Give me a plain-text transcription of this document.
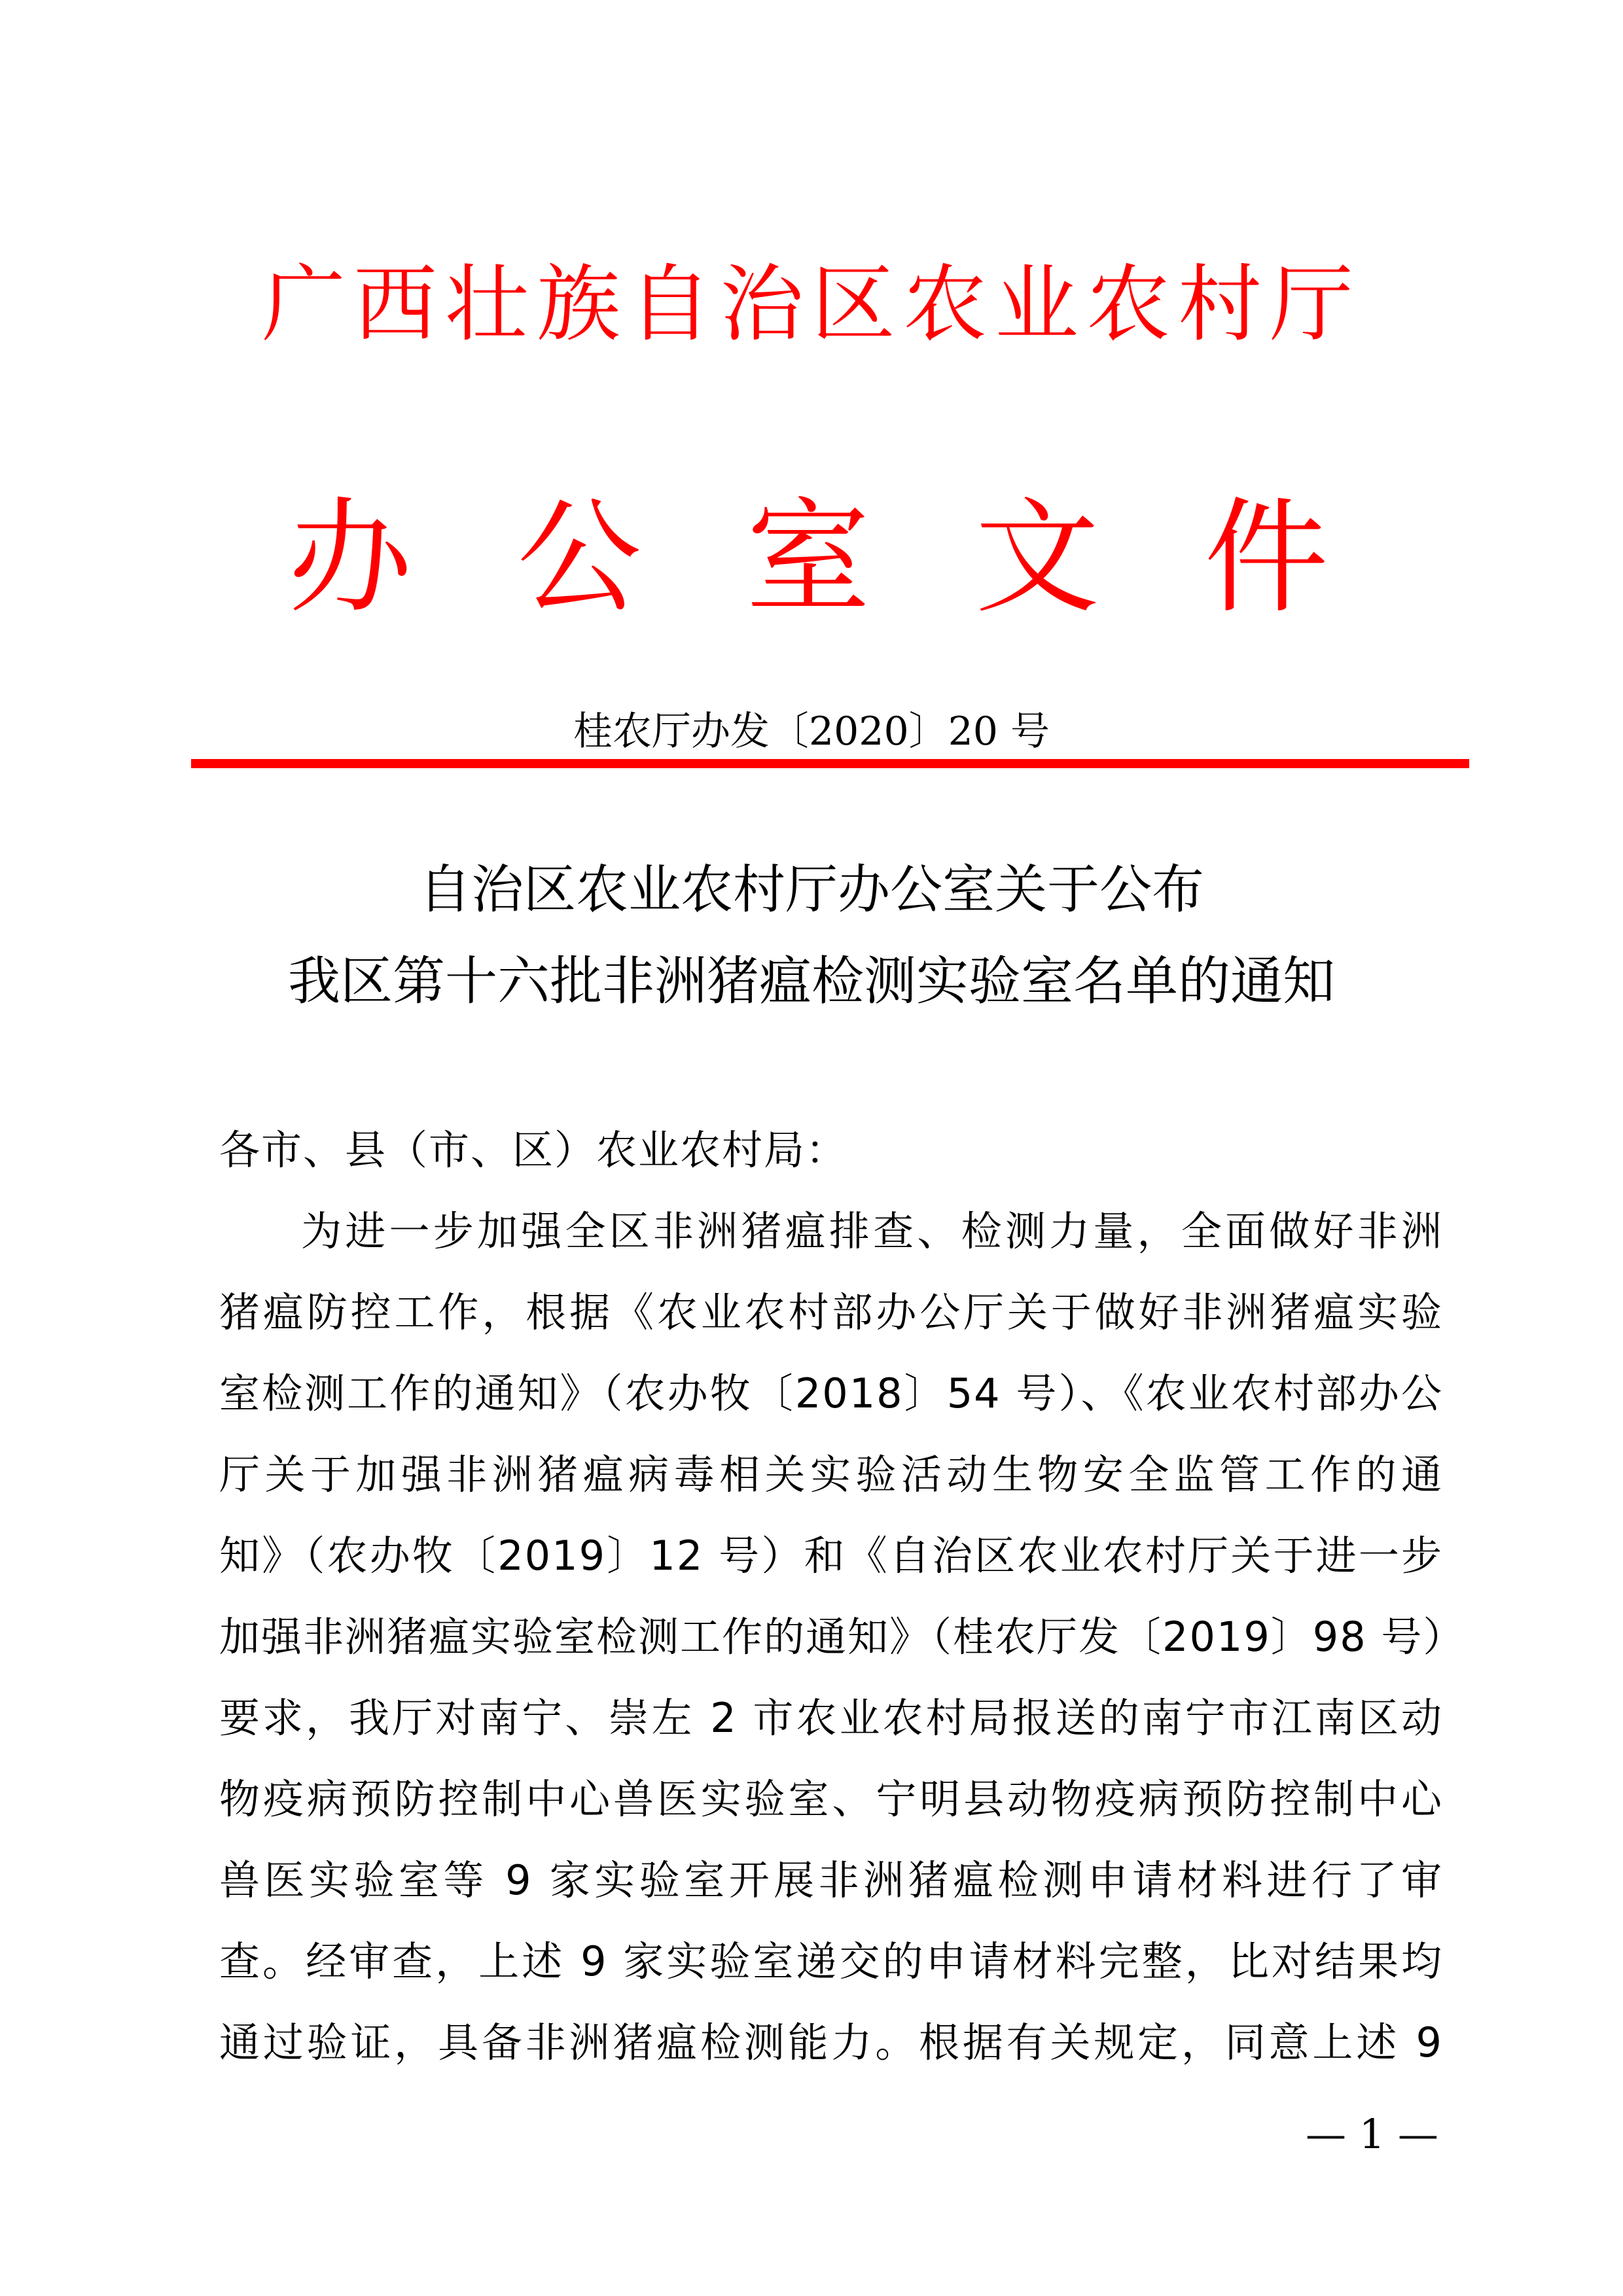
广西壮族自治区农业农村厅
办公室文件
桂农厅办发〔2020〕20 号
自治区农业农村厅办公室关于公布
我区第十六批非洲猪瘟检测实验室名单的通知
各市、县（市、区）农业农村局：
为进一步加强全区非洲猪瘟排查、检测力量，全面做好非洲
猪瘟防控工作，根据《农业农村部办公厅关于做好非洲猪瘟实验
室检测工作的通知》（农办牧〔2018〕54 号）、《农业农村部办公
厅关于加强非洲猪瘟病毒相关实验活动生物安全监管工作的通
知》（农办牧〔2019〕12 号）和《自治区农业农村厅关于进一步
加强非洲猪瘟实验室检测工作的通知》（桂农厅发〔2019〕98 号）
要求，我厅对南宁、崇左 2 市农业农村局报送的南宁市江南区动
物疫病预防控制中心兽医实验室、宁明县动物疫病预防控制中心
兽医实验室等 9 家实验室开展非洲猪瘟检测申请材料进行了审
查。经审查，上述 9 家实验室递交的申请材料完整，比对结果均
通过验证，具备非洲猪瘟检测能力。根据有关规定，同意上述 9
— 1 —
